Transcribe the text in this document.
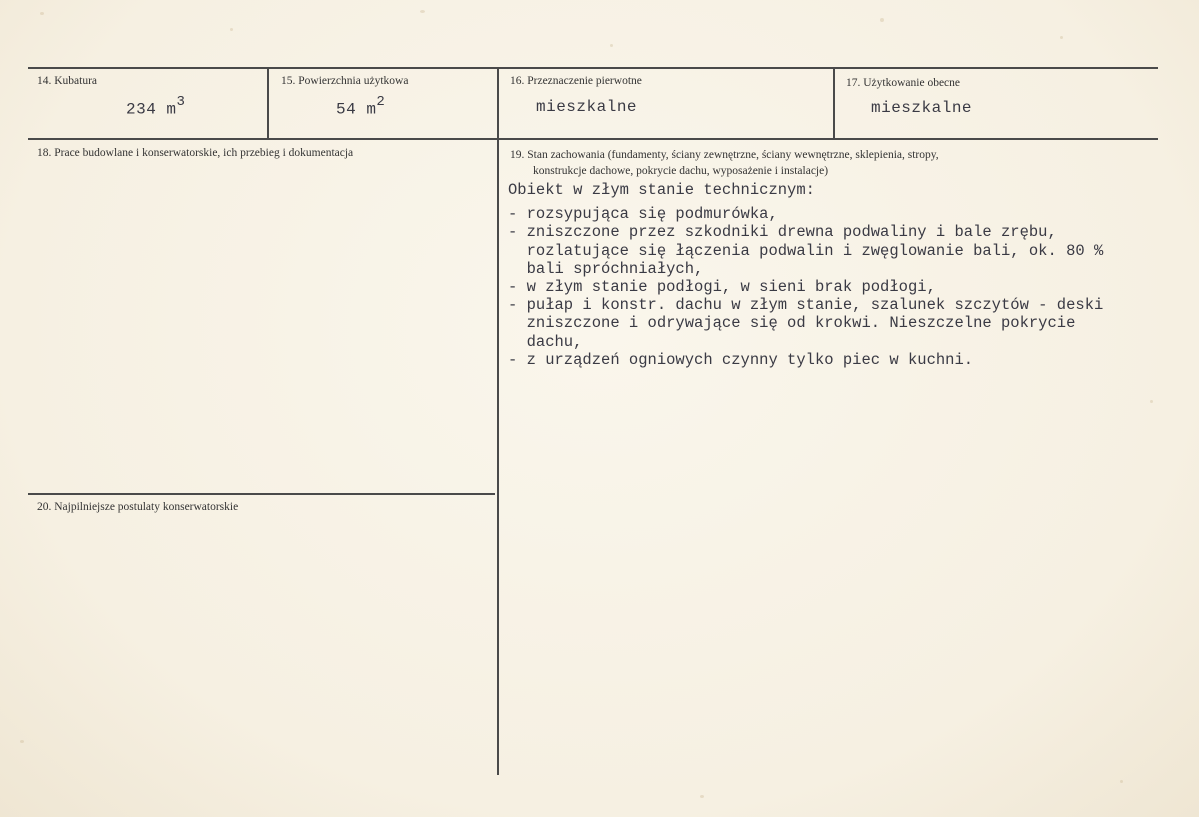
14. Kubatura
234 $m^3$
15. Powierzchnia użytkowa
54 $m^2$
16. Przeznaczenie pierwotne
mieszkalne
17. Użytkowanie obecne
mieszkalne
18. Prace budowlane i konserwatorskie, ich przebieg i dokumentacja	19. Stan zachowania (fundamenty, ściany zewnętrzne, ściany wewnętrzne, sklepienia, stropy,
konstrukcje dachowe, pokrycie dachu, wyposażenie i instalacje)
Obiekt w złym stanie technicznym:
- rozsypująca się podmurówka,
- zniszczone przez szkodniki drewna podwaliny i bale zrębu,
rozlatujące się łączenia podwalin i zwęglowanie bali, ok. 80 %
bali spróchniałych,
- w złym stanie podłogi, w sieni brak podłogi,
- pułap i konstr. dachu w złym stanie, szalunek szczytów - deski
zniszczone i odrywające się od krokwi. Nieszczelne pokrycie
dachu,
- z urządzeń ogniowych czynny tylko piec w kuchni.
20. Najpilniejsze postulaty konserwatorskie
